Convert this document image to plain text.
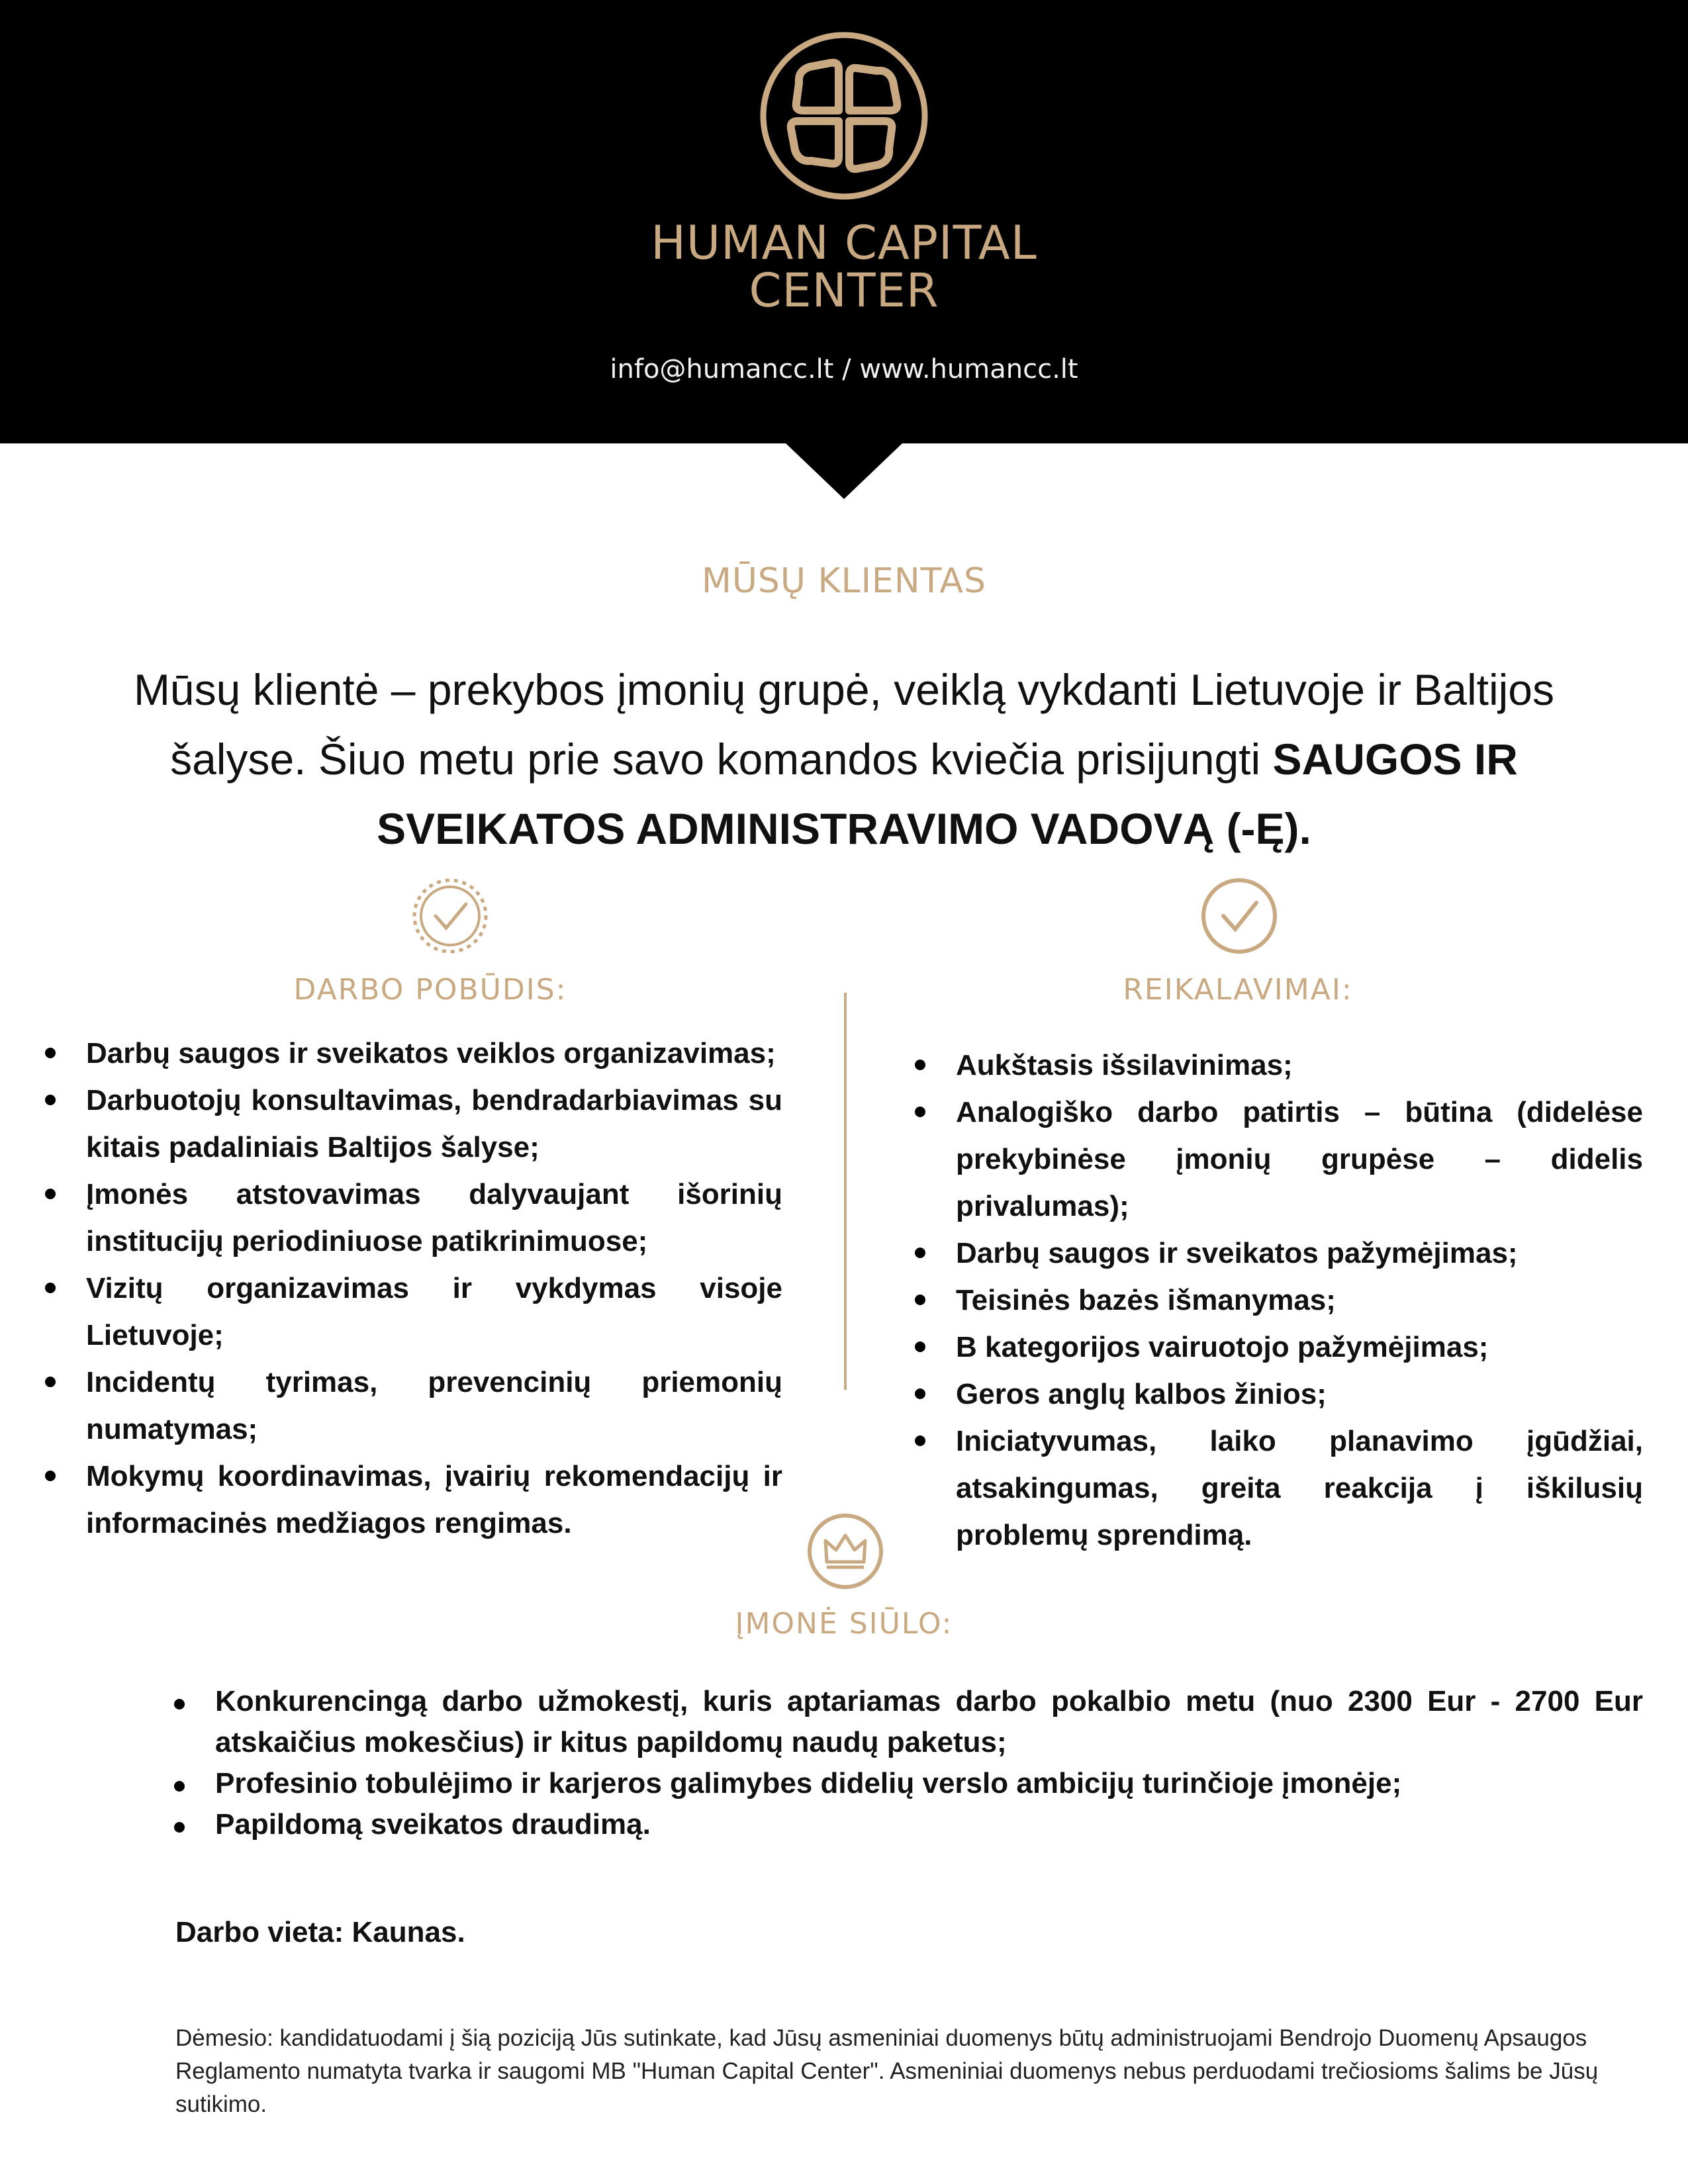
HUMAN CAPITAL
CENTER
info@humancc.lt / www.humancc.lt
MŪSŲ KLIENTAS
Mūsų klientė – prekybos įmonių grupė, veiklą vykdanti Lietuvoje ir Baltijos šalyse. Šiuo metu prie savo komandos kviečia prisijungti SAUGOS IR SVEIKATOS ADMINISTRAVIMO VADOVĄ (-Ę).
DARBO POBŪDIS:	REIKALAVIMAI:
Darbų saugos ir sveikatos veiklos organizavimas;
Darbuotojų konsultavimas, bendradarbiavimas su kitais padaliniais Baltijos šalyse;
Įmonės atstovavimas dalyvaujant išorinių institucijų periodiniuose patikrinimuose;
Vizitų organizavimas ir vykdymas visoje Lietuvoje;
Incidentų tyrimas, prevencinių priemonių numatymas;
Mokymų koordinavimas, įvairių rekomendacijų ir informacinės medžiagos rengimas.
Aukštasis išsilavinimas;
Analogiško darbo patirtis – būtina (didelėse prekybinėse įmonių grupėse – didelis privalumas);
Darbų saugos ir sveikatos pažymėjimas;
Teisinės bazės išmanymas;
B kategorijos vairuotojo pažymėjimas;
Geros anglų kalbos žinios;
Iniciatyvumas, laiko planavimo įgūdžiai, atsakingumas, greita reakcija į iškilusių problemų sprendimą.
ĮMONĖ SIŪLO:
Konkurencingą darbo užmokestį, kuris aptariamas darbo pokalbio metu (nuo 2300 Eur - 2700 Eur atskaičius mokesčius) ir kitus papildomų naudų paketus;
Profesinio tobulėjimo ir karjeros galimybes didelių verslo ambicijų turinčioje įmonėje;
Papildomą sveikatos draudimą.
Darbo vieta: Kaunas.
Dėmesio: kandidatuodami į šią poziciją Jūs sutinkate, kad Jūsų asmeniniai duomenys būtų administruojami Bendrojo Duomenų Apsaugos Reglamento numatyta tvarka ir saugomi MB "Human Capital Center". Asmeniniai duomenys nebus perduodami trečiosioms šalims be Jūsų sutikimo.
